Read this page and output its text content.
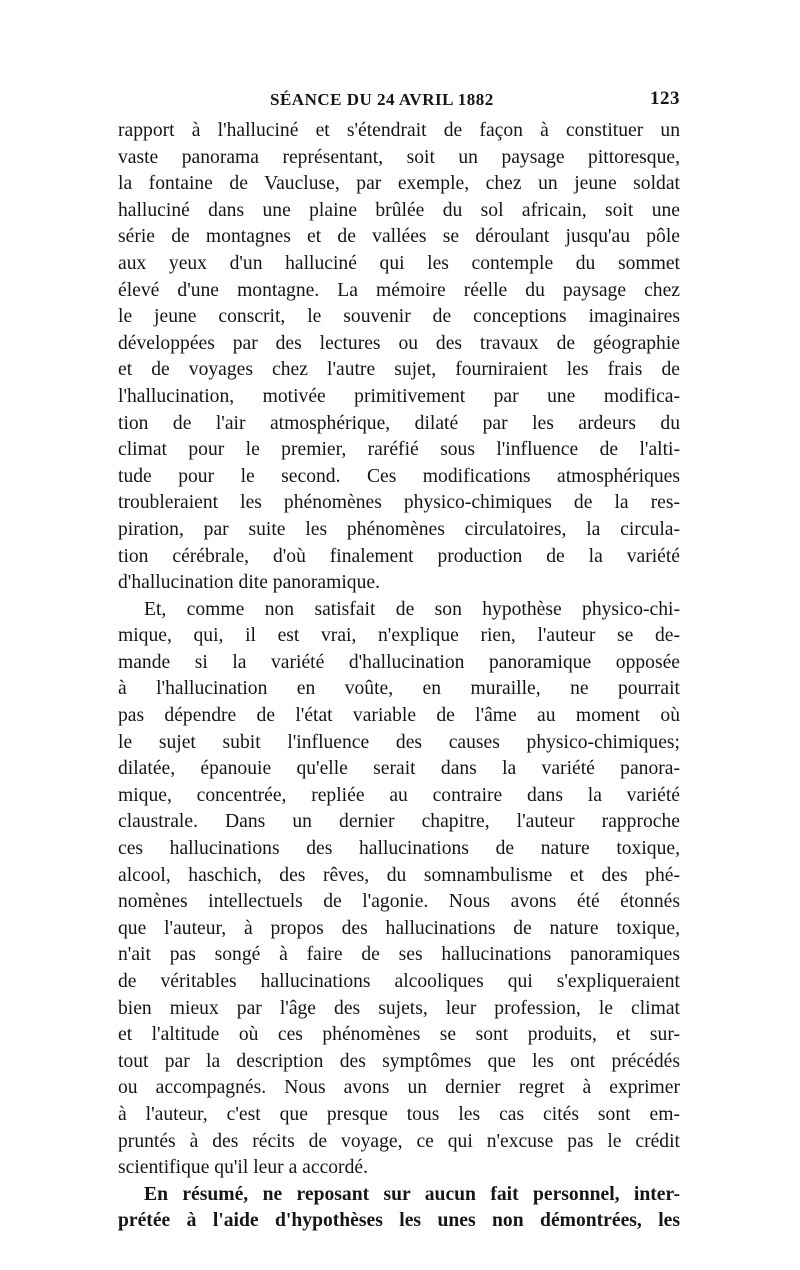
SÉANCE DU 24 AVRIL 1882	123
rapport à l'halluciné et s'étendrait de façon à constituer un
vaste panorama représentant, soit un paysage pittoresque,
la fontaine de Vaucluse, par exemple, chez un jeune soldat
halluciné dans une plaine brûlée du sol africain, soit une
série de montagnes et de vallées se déroulant jusqu'au pôle
aux yeux d'un halluciné qui les contemple du sommet
élevé d'une montagne. La mémoire réelle du paysage chez
le jeune conscrit, le souvenir de conceptions imaginaires
développées par des lectures ou des travaux de géographie
et de voyages chez l'autre sujet, fourniraient les frais de
l'hallucination, motivée primitivement par une modifica-
tion de l'air atmosphérique, dilaté par les ardeurs du
climat pour le premier, raréfié sous l'influence de l'alti-
tude pour le second. Ces modifications atmosphériques
troubleraient les phénomènes physico-chimiques de la res-
piration, par suite les phénomènes circulatoires, la circula-
tion cérébrale, d'où finalement production de la variété
d'hallucination dite panoramique.
Et, comme non satisfait de son hypothèse physico-chi-
mique, qui, il est vrai, n'explique rien, l'auteur se de-
mande si la variété d'hallucination panoramique opposée
à l'hallucination en voûte, en muraille, ne pourrait
pas dépendre de l'état variable de l'âme au moment où
le sujet subit l'influence des causes physico-chimiques;
dilatée, épanouie qu'elle serait dans la variété panora-
mique, concentrée, repliée au contraire dans la variété
claustrale. Dans un dernier chapitre, l'auteur rapproche
ces hallucinations des hallucinations de nature toxique,
alcool, haschich, des rêves, du somnambulisme et des phé-
nomènes intellectuels de l'agonie. Nous avons été étonnés
que l'auteur, à propos des hallucinations de nature toxique,
n'ait pas songé à faire de ses hallucinations panoramiques
de véritables hallucinations alcooliques qui s'expliqueraient
bien mieux par l'âge des sujets, leur profession, le climat
et l'altitude où ces phénomènes se sont produits, et sur-
tout par la description des symptômes que les ont précédés
ou accompagnés. Nous avons un dernier regret à exprimer
à l'auteur, c'est que presque tous les cas cités sont em-
pruntés à des récits de voyage, ce qui n'excuse pas le crédit
scientifique qu'il leur a accordé.
En résumé, ne reposant sur aucun fait personnel, inter-
prétée à l'aide d'hypothèses les unes non démontrées, les
